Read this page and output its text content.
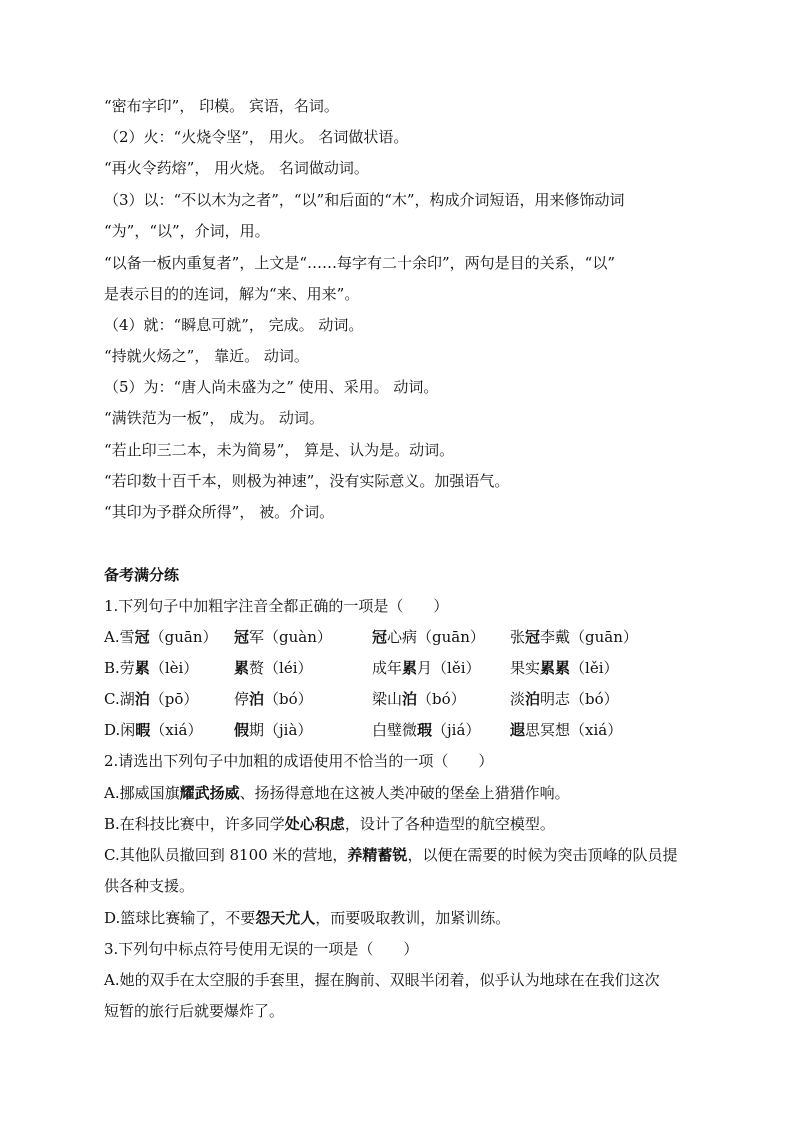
“密布字印”， 印模。 宾语，名词。
（2）火：“火烧令坚”， 用火。 名词做状语。
“再火令药熔”， 用火烧。 名词做动词。
（3）以：“不以木为之者”，“以”和后面的“木”，构成介词短语，用来修饰动词
“为”，“以”，介词，用。
“以备一板内重复者”，上文是“……每字有二十余印”，两句是目的关系，“以”
是表示目的的连词，解为“来、用来”。
（4）就：“瞬息可就”， 完成。 动词。
“持就火炀之”， 靠近。 动词。
（5）为：“唐人尚未盛为之” 使用、采用。 动词。
“满铁范为一板”， 成为。 动词。
“若止印三二本，未为简易”， 算是、认为是。动词。
“若印数十百千本，则极为神速”，没有实际意义。加强语气。
“其印为予群众所得”， 被。介词。
备考满分练
1.下列句子中加粗字注音全都正确的一项是（　　）
A.雪冠（guān） 冠军（guàn）	冠心病（guān） 张冠李戴（guān）
B.劳累（lèi） 累赘（léi）	成年累月（lěi） 果实累累（lěi）
C.湖泊（pō） 停泊（bó）	梁山泊（bó）	淡泊明志（bó）
D.闲暇（xiá） 假期（jià）	白璧微瑕（jiá） 遐思冥想（xiá）
2.请选出下列句子中加粗的成语使用不恰当的一项（　　）
A.挪威国旗耀武扬威、扬扬得意地在这被人类冲破的堡垒上猎猎作响。
B.在科技比赛中，许多同学处心积虑，设计了各种造型的航空模型。
C.其他队员撤回到 8100 米的营地，养精蓄锐，以便在需要的时候为突击顶峰的队员提
供各种支援。
D.篮球比赛输了，不要怨天尤人，而要吸取教训，加紧训练。
3.下列句中标点符号使用无误的一项是（　　）
A.她的双手在太空服的手套里，握在胸前、双眼半闭着，似乎认为地球在在我们这次
短暂的旅行后就要爆炸了。
